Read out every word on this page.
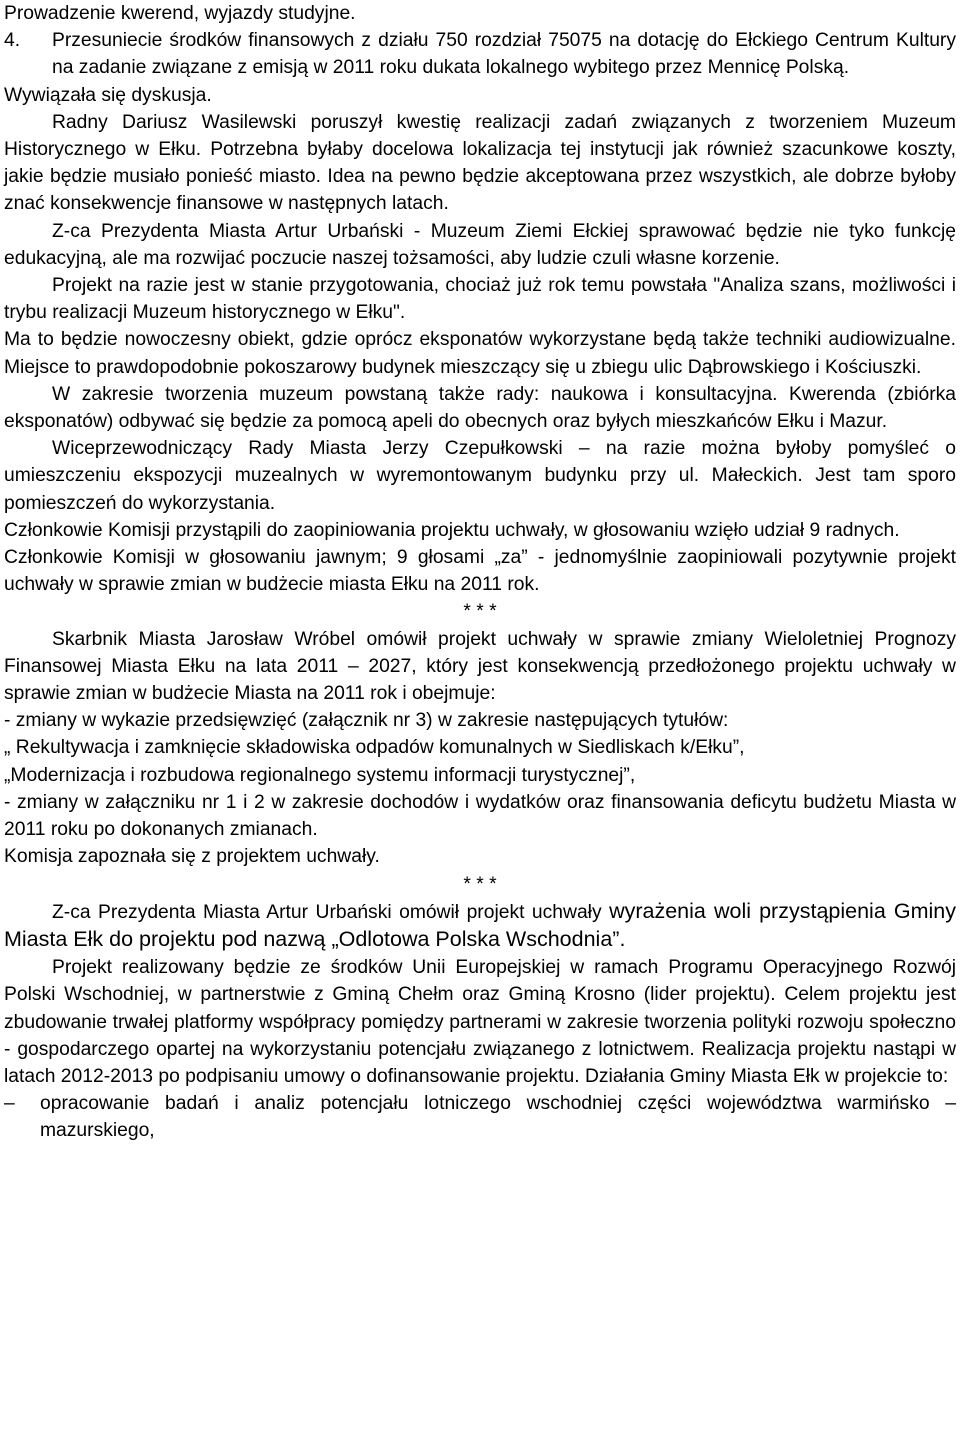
Prowadzenie kwerend, wyjazdy studyjne.

4.	Przesuniecie środków finansowych z działu 750 rozdział 75075 na dotację do Ełckiego Centrum Kultury na zadanie związane z emisją w 2011 roku dukata lokalnego wybitego przez Mennicę Polską.

Wywiązała się dyskusja.

Radny Dariusz Wasilewski poruszył kwestię realizacji zadań związanych z tworzeniem Muzeum Historycznego w Ełku. Potrzebna byłaby docelowa lokalizacja tej instytucji jak również szacunkowe koszty, jakie będzie musiało ponieść miasto. Idea na pewno będzie akceptowana przez wszystkich, ale dobrze byłoby znać konsekwencje finansowe w następnych latach.

Z-ca Prezydenta Miasta Artur Urbański - Muzeum Ziemi Ełckiej sprawować będzie nie tyko funkcję edukacyjną, ale ma rozwijać poczucie naszej tożsamości, aby ludzie czuli własne korzenie.

Projekt na razie jest w stanie przygotowania, chociaż już rok temu powstała "Analiza szans, możliwości i trybu realizacji Muzeum historycznego w Ełku".

Ma to będzie nowoczesny obiekt, gdzie oprócz eksponatów wykorzystane będą także techniki audiowizualne. Miejsce to prawdopodobnie pokoszarowy budynek mieszczący się u zbiegu ulic Dąbrowskiego i Kościuszki.

W zakresie tworzenia muzeum powstaną także rady: naukowa i konsultacyjna. Kwerenda (zbiórka eksponatów) odbywać się będzie za pomocą apeli do obecnych oraz byłych mieszkańców Ełku i Mazur.

Wiceprzewodniczący Rady Miasta Jerzy Czepułkowski – na razie można byłoby pomyśleć o umieszczeniu ekspozycji muzealnych w wyremontowanym budynku przy ul. Małeckich. Jest tam sporo pomieszczeń do wykorzystania.

Członkowie Komisji przystąpili do zaopiniowania projektu uchwały, w głosowaniu wzięło udział 9 radnych.

Członkowie Komisji w głosowaniu jawnym; 9 głosami „za” - jednomyślnie zaopiniowali pozytywnie projekt uchwały w sprawie zmian w budżecie miasta Ełku na 2011 rok.

* * *

Skarbnik Miasta Jarosław Wróbel omówił projekt uchwały w sprawie zmiany Wieloletniej Prognozy Finansowej Miasta Ełku na lata 2011 – 2027, który jest konsekwencją przedłożonego projektu uchwały w sprawie zmian w budżecie Miasta na 2011 rok i obejmuje:

- zmiany w wykazie przedsięwzięć (załącznik nr 3) w zakresie następujących tytułów:

„ Rekultywacja i zamknięcie składowiska odpadów komunalnych w Siedliskach k/Ełku”,

„Modernizacja i rozbudowa regionalnego systemu informacji turystycznej”,

- zmiany w załączniku nr 1 i 2 w zakresie dochodów i wydatków oraz finansowania deficytu budżetu Miasta w 2011 roku po dokonanych zmianach.

Komisja zapoznała się z projektem uchwały.

* * *

Z-ca Prezydenta Miasta Artur Urbański omówił projekt uchwały wyrażenia woli przystąpienia Gminy Miasta Ełk do projektu pod nazwą „Odlotowa Polska Wschodnia”.

Projekt realizowany będzie ze środków Unii Europejskiej w ramach Programu Operacyjnego Rozwój Polski Wschodniej, w partnerstwie z Gminą Chełm oraz Gminą Krosno (lider projektu). Celem projektu jest zbudowanie trwałej platformy współpracy pomiędzy partnerami w zakresie tworzenia polityki rozwoju społeczno - gospodarczego opartej na wykorzystaniu potencjału związanego z lotnictwem. Realizacja projektu nastąpi w latach 2012-2013 po podpisaniu umowy o dofinansowanie projektu. Działania Gminy Miasta Ełk w projekcie to:

–	opracowanie badań i analiz potencjału lotniczego wschodniej części województwa warmińsko – mazurskiego,
